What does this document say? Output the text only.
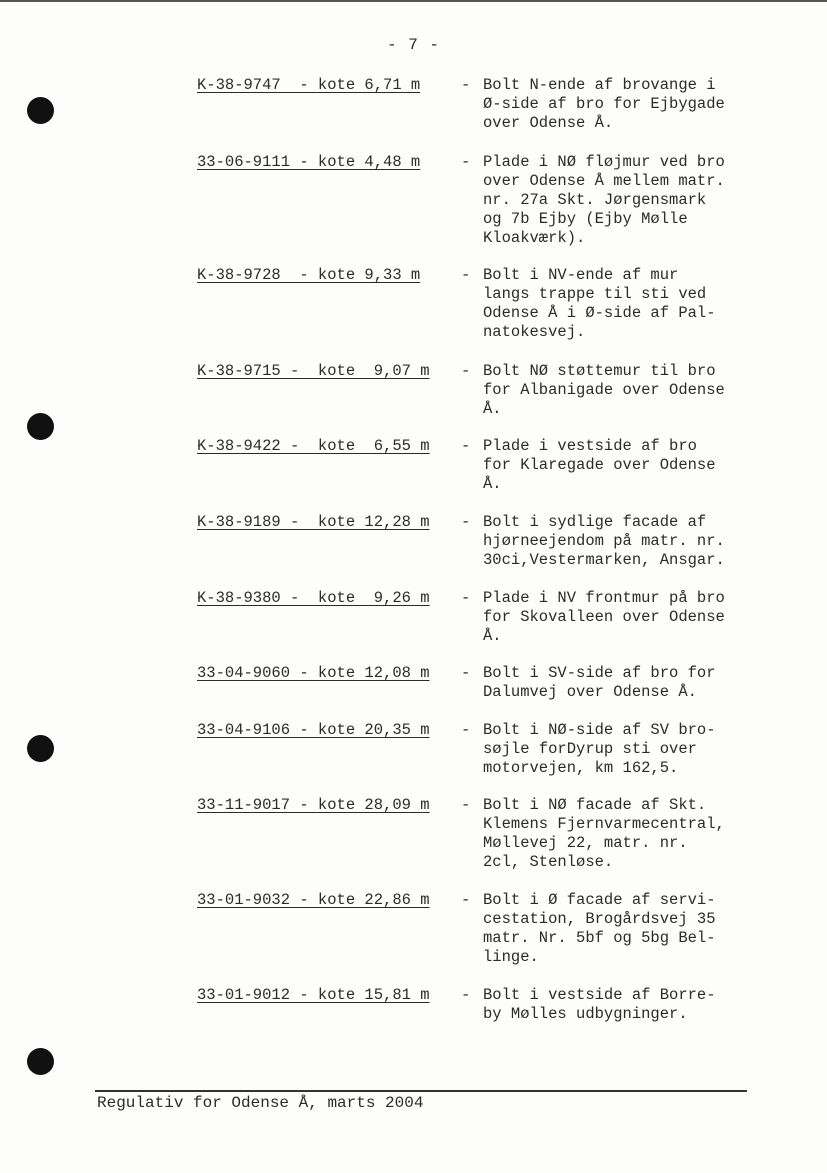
- 7 -
K-38-9747  - kote 6,71 m	- Bolt N-ende af brovange i
Ø-side af bro for Ejbygade
over Odense Å.
33-06-9111 - kote 4,48 m	- Plade i NØ fløjmur ved bro
over Odense Å mellem matr.
nr. 27a Skt. Jørgensmark
og 7b Ejby (Ejby Mølle
Kloakværk).
K-38-9728  - kote 9,33 m	- Bolt i NV-ende af mur
langs trappe til sti ved
Odense Å i Ø-side af Pal-
natokesvej.
K-38-9715 -  kote  9,07 m	- Bolt NØ støttemur til bro
for Albanigade over Odense
Å.
K-38-9422 -  kote  6,55 m	- Plade i vestside af bro
for Klaregade over Odense
Å.
K-38-9189 -  kote 12,28 m	- Bolt i sydlige facade af
hjørneejendom på matr. nr.
30ci,Vestermarken, Ansgar.
K-38-9380 -  kote  9,26 m	- Plade i NV frontmur på bro
for Skovalleen over Odense
Å.
33-04-9060 - kote 12,08 m	- Bolt i SV-side af bro for
Dalumvej over Odense Å.
33-04-9106 - kote 20,35 m	- Bolt i NØ-side af SV bro-
søjle forDyrup sti over
motorvejen, km 162,5.
33-11-9017 - kote 28,09 m	- Bolt i NØ facade af Skt.
Klemens Fjernvarmecentral,
Møllevej 22, matr. nr.
2cl, Stenløse.
33-01-9032 - kote 22,86 m	- Bolt i Ø facade af servi-
cestation, Brogårdsvej 35
matr. Nr. 5bf og 5bg Bel-
linge.
33-01-9012 - kote 15,81 m	- Bolt i vestside af Borre-
by Mølles udbygninger.
Regulativ for Odense Å, marts 2004
